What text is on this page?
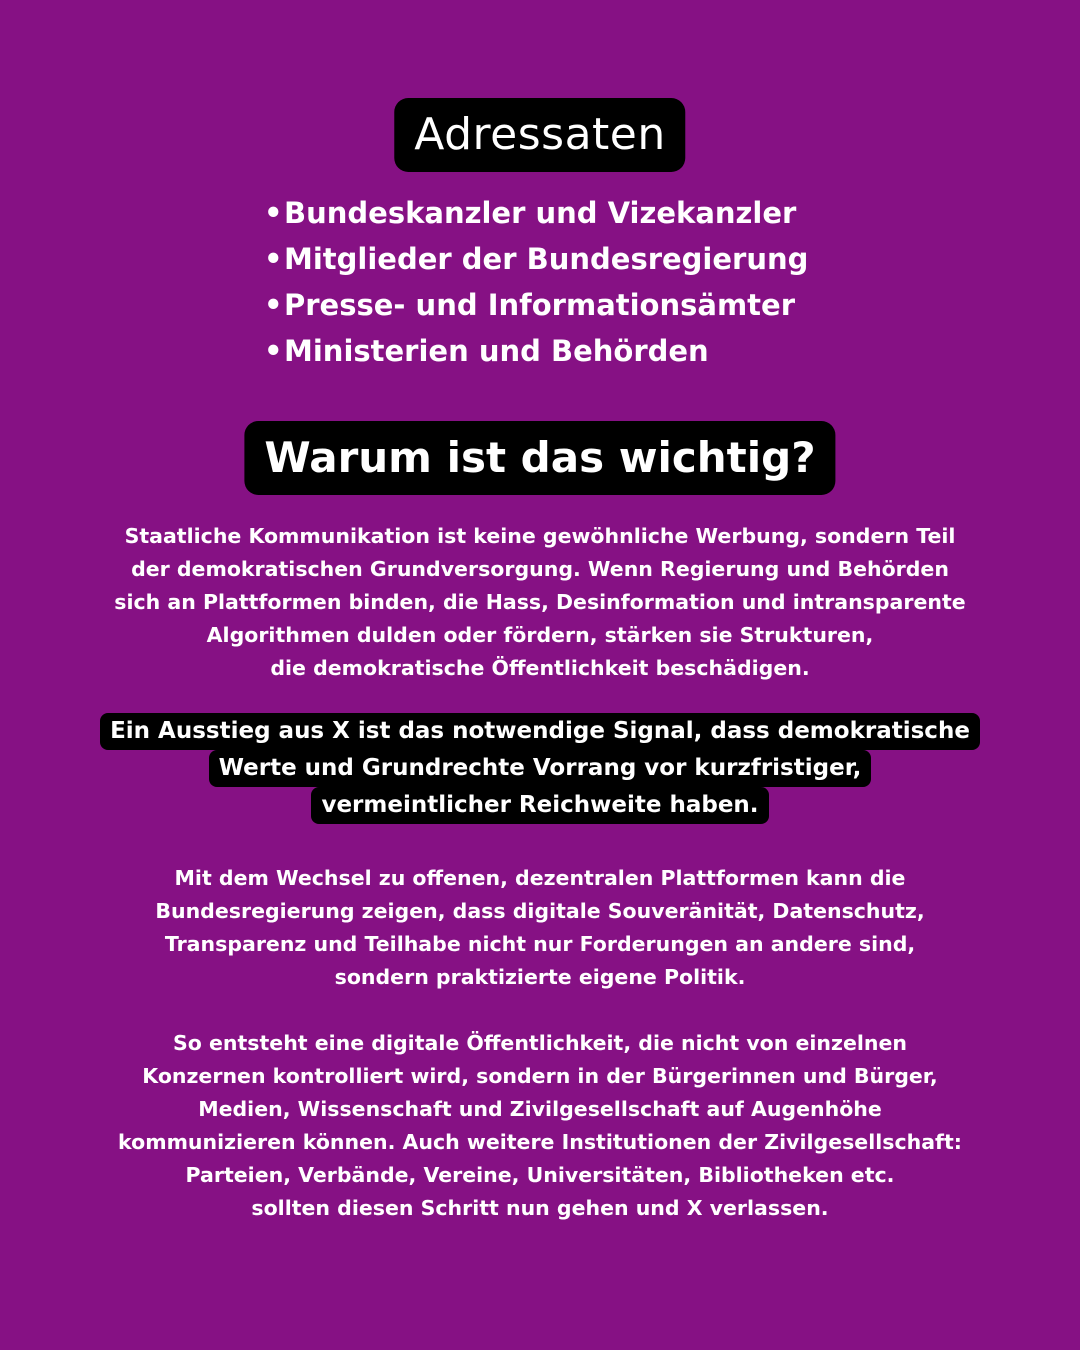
Adressaten
•Bundeskanzler und Vizekanzler
•Mitglieder der Bundesregierung
•Presse- und Informationsämter
•Ministerien und Behörden
Warum ist das wichtig?
Staatliche Kommunikation ist keine gewöhnliche Werbung, sondern Teil
der demokratischen Grundversorgung. Wenn Regierung und Behörden
sich an Plattformen binden, die Hass, Desinformation und intransparente
Algorithmen dulden oder fördern, stärken sie Strukturen,
die demokratische Öffentlichkeit beschädigen.
Ein Ausstieg aus X ist das notwendige Signal, dass demokratische
Werte und Grundrechte Vorrang vor kurzfristiger,
vermeintlicher Reichweite haben.
Mit dem Wechsel zu offenen, dezentralen Plattformen kann die
Bundesregierung zeigen, dass digitale Souveränität, Datenschutz,
Transparenz und Teilhabe nicht nur Forderungen an andere sind,
sondern praktizierte eigene Politik.
So entsteht eine digitale Öffentlichkeit, die nicht von einzelnen
Konzernen kontrolliert wird, sondern in der Bürgerinnen und Bürger,
Medien, Wissenschaft und Zivilgesellschaft auf Augenhöhe
kommunizieren können. Auch weitere Institutionen der Zivilgesellschaft:
Parteien, Verbände, Vereine, Universitäten, Bibliotheken etc.
sollten diesen Schritt nun gehen und X verlassen.
